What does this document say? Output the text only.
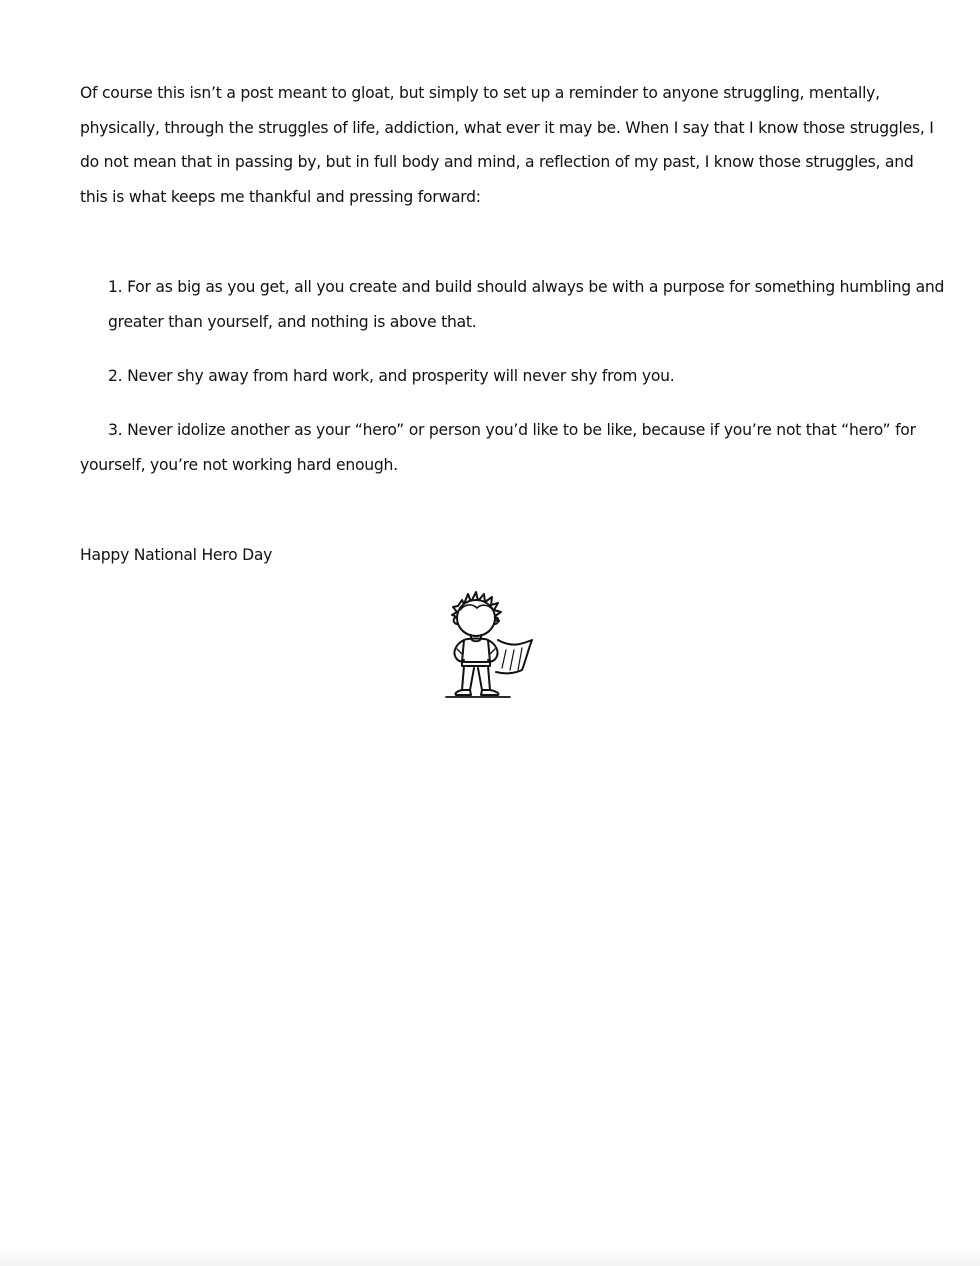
Of course this isn’t a post meant to gloat, but simply to set up a reminder to anyone struggling, mentally, physically, through the struggles of life, addiction, what ever it may be. When I say that I know those struggles, I do not mean that in passing by, but in full body and mind, a reflection of my past, I know those struggles, and this is what keeps me thankful and pressing forward:

1. For as big as you get, all you create and build should always be with a purpose for something humbling and greater than yourself, and nothing is above that.

2. Never shy away from hard work, and prosperity will never shy from you.

3. Never idolize another as your “hero” or person you’d like to be like, because if you’re not that “hero” for yourself, you’re not working hard enough.

Happy National Hero Day
